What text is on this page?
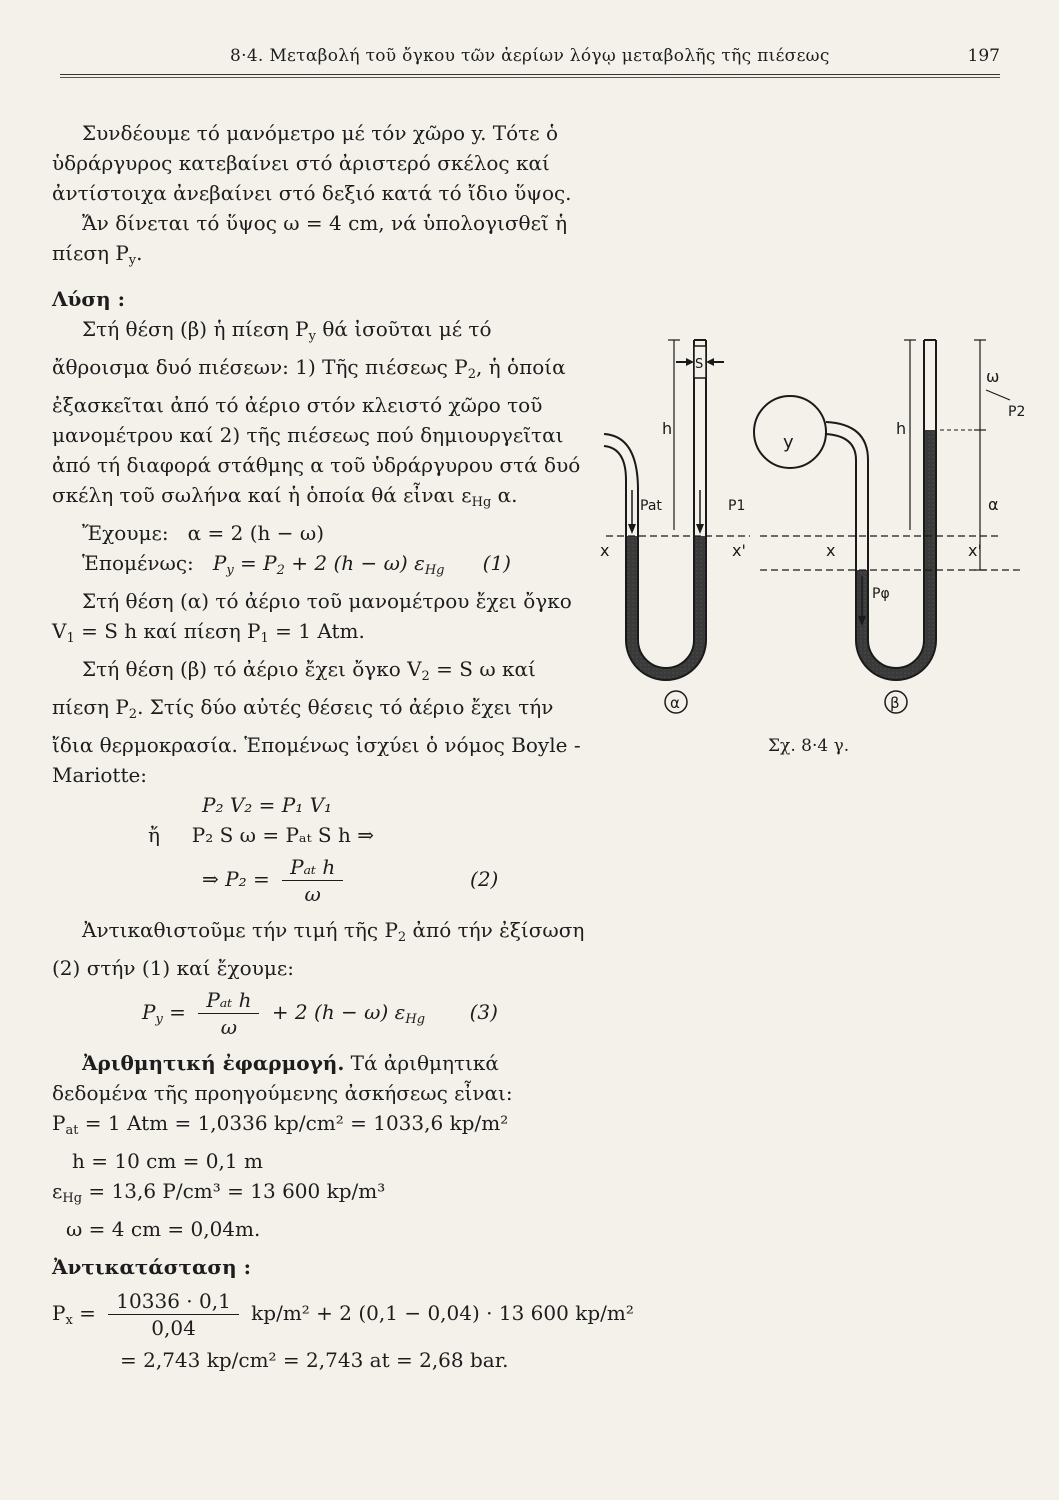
8·4. Μεταβολή τοῦ ὄγκου τῶν ἀερίων λόγῳ μεταβολῆς τῆς πιέσεως	197

Συνδέουμε τό μανόμετρο μέ τόν χῶρο y. Τότε ὁ ὑδράργυρος κατεβαίνει στό ἀριστερό σκέλος καί ἀντίστοιχα ἀνεβαίνει στό δεξιό κατά τό ἴδιο ὕψος.

Ἄν δίνεται τό ὕψος ω = 4 cm, νά ὑπολογισθεῖ ἡ πίεση $P_y$.

Λύση :

Στή θέση (β) ἡ πίεση $P_y$ θά ἰσοῦται μέ τό ἄθροισμα δυό πιέσεων: 1) Τῆς πιέσεως $P_2$, ἡ ὁποία ἐξασκεῖται ἀπό τό ἀέριο στόν κλειστό χῶρο τοῦ μανομέτρου καί 2) τῆς πιέσεως πού δημιουργεῖται ἀπό τή διαφορά στάθμης α τοῦ ὑδράργυρου στά δυό σκέλη τοῦ σωλήνα καί ἡ ὁποία θά εἶναι $\varepsilon_{Hg}$ α.

Ἔχουμε: α = 2 (h − ω)

Ἑπομένως: $P_y = P_2 + 2$ (h − ω) $\varepsilon_{Hg}$ (1)

Στή θέση (α) τό ἀέριο τοῦ μανομέτρου ἔχει ὄγκο $V_1 = S$ h καί πίεση $P_1 = 1$ Atm.

Στή θέση (β) τό ἀέριο ἔχει ὄγκο $V_2 = S$ ω καί πίεση $P_2$. Στίς δύο αὐτές θέσεις τό ἀέριο ἔχει τήν ἴδια θερμοκρασία. Ἑπομένως ἰσχύει ὁ νόμος Boyle - Mariotte:

P₂ V₂ = P₁ V₁

ἤ P₂ S ω = Pₐₜ S h ⇒

⇒ $P_2 = \frac{\text{Pₐₜ h}}{\omega}$	(2)

Ἀντικαθιστοῦμε τήν τιμή τῆς $P_2$ ἀπό τήν ἐξίσωση (2) στήν (1) καί ἔχουμε:

$P_y = \frac{\text{Pₐₜ h}}{\omega} + 2$ (h − ω) $\varepsilon_{Hg}$ (3)

Ἀριθμητική ἐφαρμογή. Τά ἀριθμητικά δεδομένα τῆς προηγούμενης ἀσκήσεως εἶναι:

$P_{at} = 1$ Atm = 1,0336 kp/cm² = 1033,6 kp/m²

h = 10 cm = 0,1 m

$\varepsilon_{Hg} = 13,6$ P/cm³ = 13 600 kp/m³

ω = 4 cm = 0,04m.

Ἀντικατάσταση :

$P_x = \frac{10336 \cdot 0,1}{0,04} kp/m^2 + 2$ (0,1 − 0,04) · 13 600 kp/m²

= 2,743 kp/cm² = 2,743 at = 2,68 bar.

S
h
Pat	P1
x	x'
y
ω
P2
h
α
x	x'
Pφ
α	β
Σχ. 8·4 γ.
